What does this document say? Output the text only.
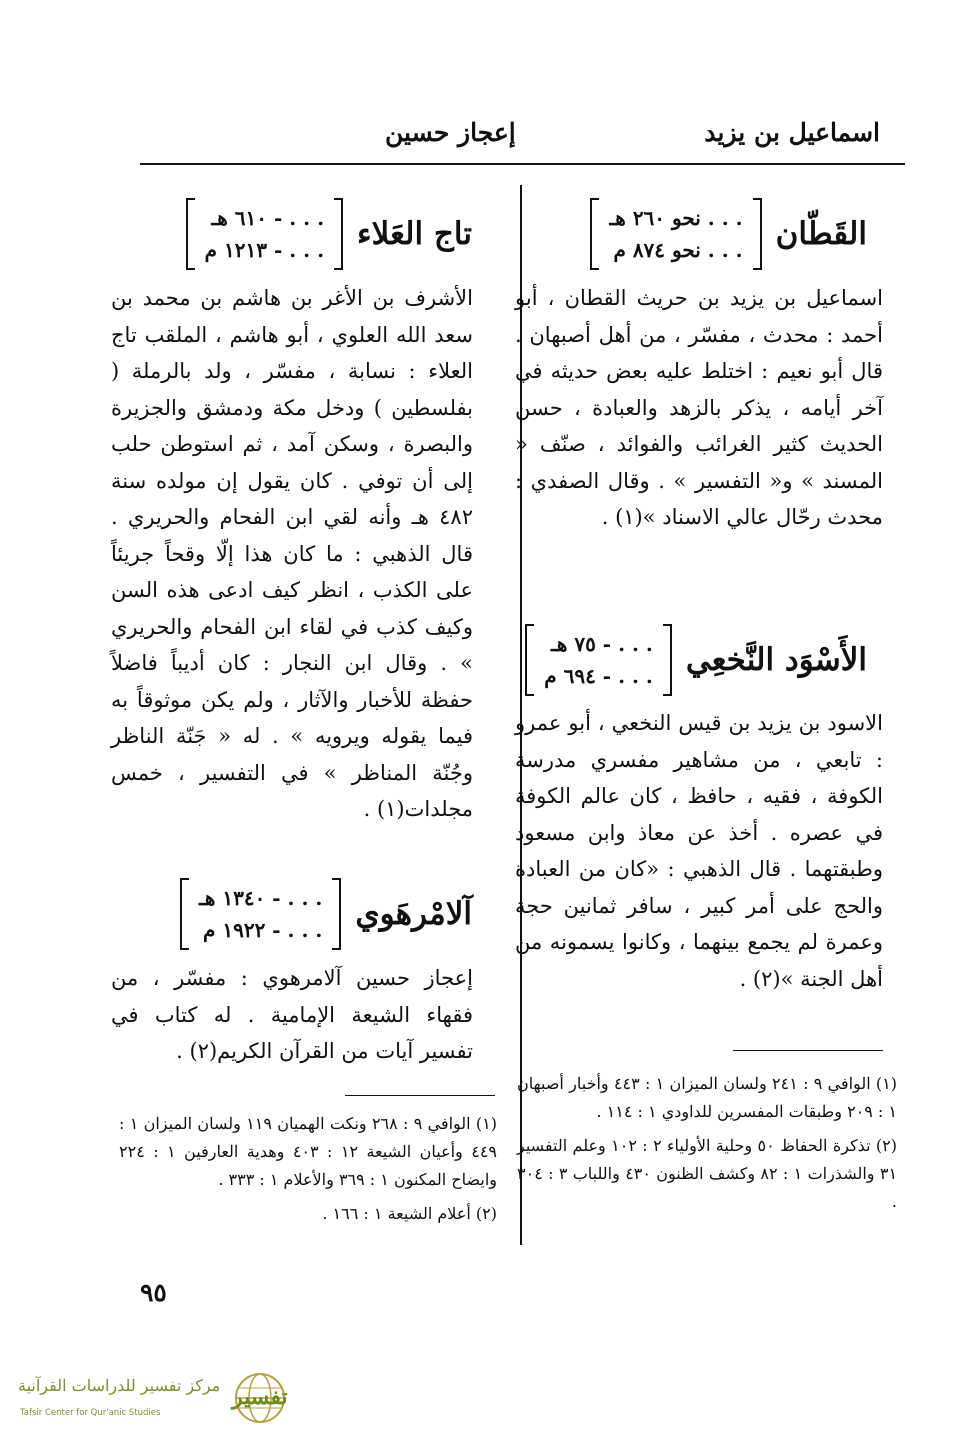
اسماعيل بن يزيد
إعجاز حسين
القَطّان
. . . نحو ٢٦٠ هـ
. . . نحو ٨٧٤ م
اسماعيل بن يزيد بن حريث القطان ، أبو أحمد : محدث ، مفسّر ، من أهل أصبهان . قال أبو نعيم : اختلط عليه بعض حديثه في آخر أيامه ، يذكر بالزهد والعبادة ، حسن الحديث كثير الغرائب والفوائد ، صنّف « المسند » و« التفسير » . وقال الصفدي : محدث رحّال عالي الاسناد »(١) .
الأَسْوَد النَّخعِي
. . . - ٧٥ هـ
. . . - ٦٩٤ م
الاسود بن يزيد بن قيس النخعي ، أبو عمرو : تابعي ، من مشاهير مفسري مدرسة الكوفة ، فقيه ، حافظ ، كان عالم الكوفة في عصره . أخذ عن معاذ وابن مسعود وطبقتهما . قال الذهبي : «كان من العبادة والحج على أمر كبير ، سافر ثمانين حجة وعمرة لم يجمع بينهما ، وكانوا يسمونه من أهل الجنة »(٢) .
(١) الوافي ٩ : ٢٤١ ولسان الميزان ١ : ٤٤٣ وأخبار أصبهان ١ : ٢٠٩ وطبقات المفسرين للداودي ١ : ١١٤ .
(٢) تذكرة الحفاظ ٥٠ وحلية الأولياء ٢ : ١٠٢ وعلم التفسير ٣١ والشذرات ١ : ٨٢ وكشف الظنون ٤٣٠ واللباب ٣ : ٣٠٤ .
تاج العَلاء
. . . - ٦١٠ هـ
. . . - ١٢١٣ م
الأشرف بن الأغر بن هاشم بن محمد بن سعد الله العلوي ، أبو هاشم ، الملقب تاج العلاء : نسابة ، مفسّر ، ولد بالرملة ( بفلسطين ) ودخل مكة ودمشق والجزيرة والبصرة ، وسكن آمد ، ثم استوطن حلب إلى أن توفي . كان يقول إن مولده سنة ٤٨٢ هـ وأنه لقي ابن الفحام والحريري . قال الذهبي : ما كان هذا إلّا وقحاً جريئاً على الكذب ، انظر كيف ادعى هذه السن وكيف كذب في لقاء ابن الفحام والحريري » . وقال ابن النجار : كان أديباً فاضلاً حفظة للأخبار والآثار ، ولم يكن موثوقاً به فيما يقوله ويرويه » . له « جَنّة الناظر وجُنّة المناظر » في التفسير ، خمس مجلدات(١) .
آلامْرهَوي
. . . - ١٣٤٠ هـ
. . . - ١٩٢٢ م
إعجاز حسين آلامرهوي : مفسّر ، من فقهاء الشيعة الإمامية . له كتاب في تفسير آيات من القرآن الكريم(٢) .
(١) الوافي ٩ : ٢٦٨ ونكت الهميان ١١٩ ولسان الميزان ١ : ٤٤٩ وأعيان الشيعة ١٢ : ٤٠٣ وهدية العارفين ١ : ٢٢٤ وايضاح المكنون ١ : ٣٦٩ والأعلام ١ : ٣٣٣ .
(٢) أعلام الشيعة ١ : ١٦٦ .
٩٥
تفسير
مركز تفسير للدراسات القرآنية
Tafsir Center for Qur'anic Studies
